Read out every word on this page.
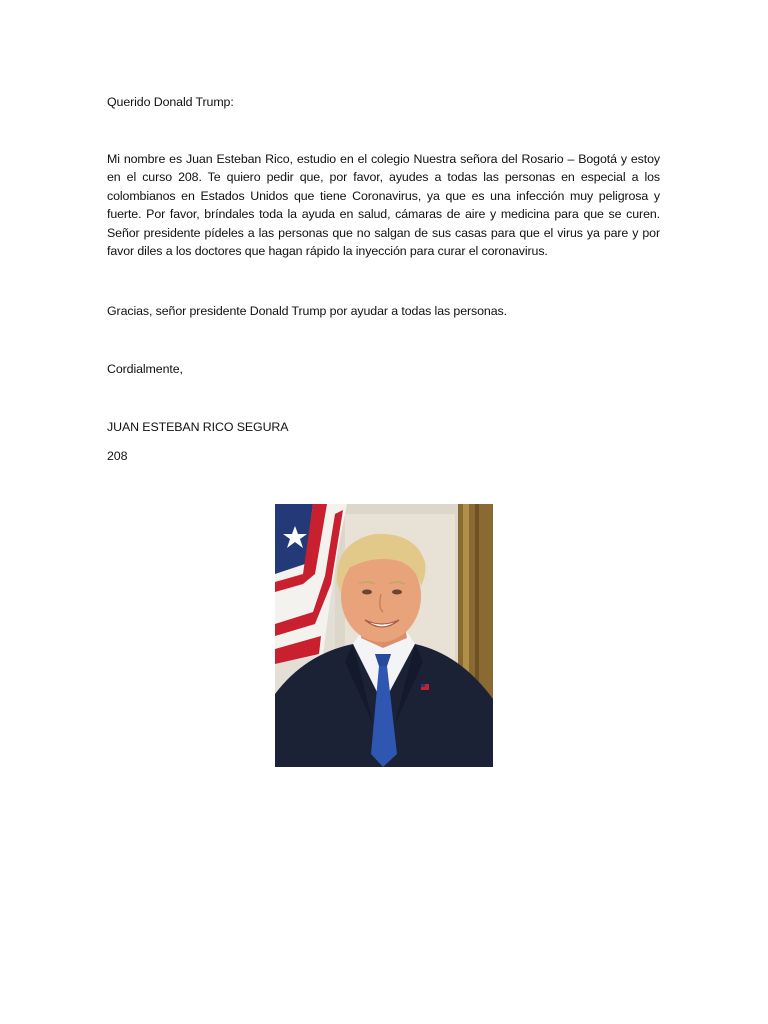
Querido Donald Trump:
Mi nombre es Juan Esteban Rico, estudio en el colegio Nuestra señora del Rosario – Bogotá y estoy en el curso 208. Te quiero pedir que, por favor, ayudes a todas las personas en especial a los colombianos en Estados Unidos que tiene Coronavirus, ya que es una infección muy peligrosa y fuerte. Por favor, bríndales toda la ayuda en salud, cámaras de aire y medicina para que se curen. Señor presidente pídeles a las personas que no salgan de sus casas para que el virus ya pare y por favor diles a los doctores que hagan rápido la inyección para curar el coronavirus.
Gracias, señor presidente Donald Trump por ayudar a todas las personas.
Cordialmente,
JUAN ESTEBAN RICO SEGURA
208
